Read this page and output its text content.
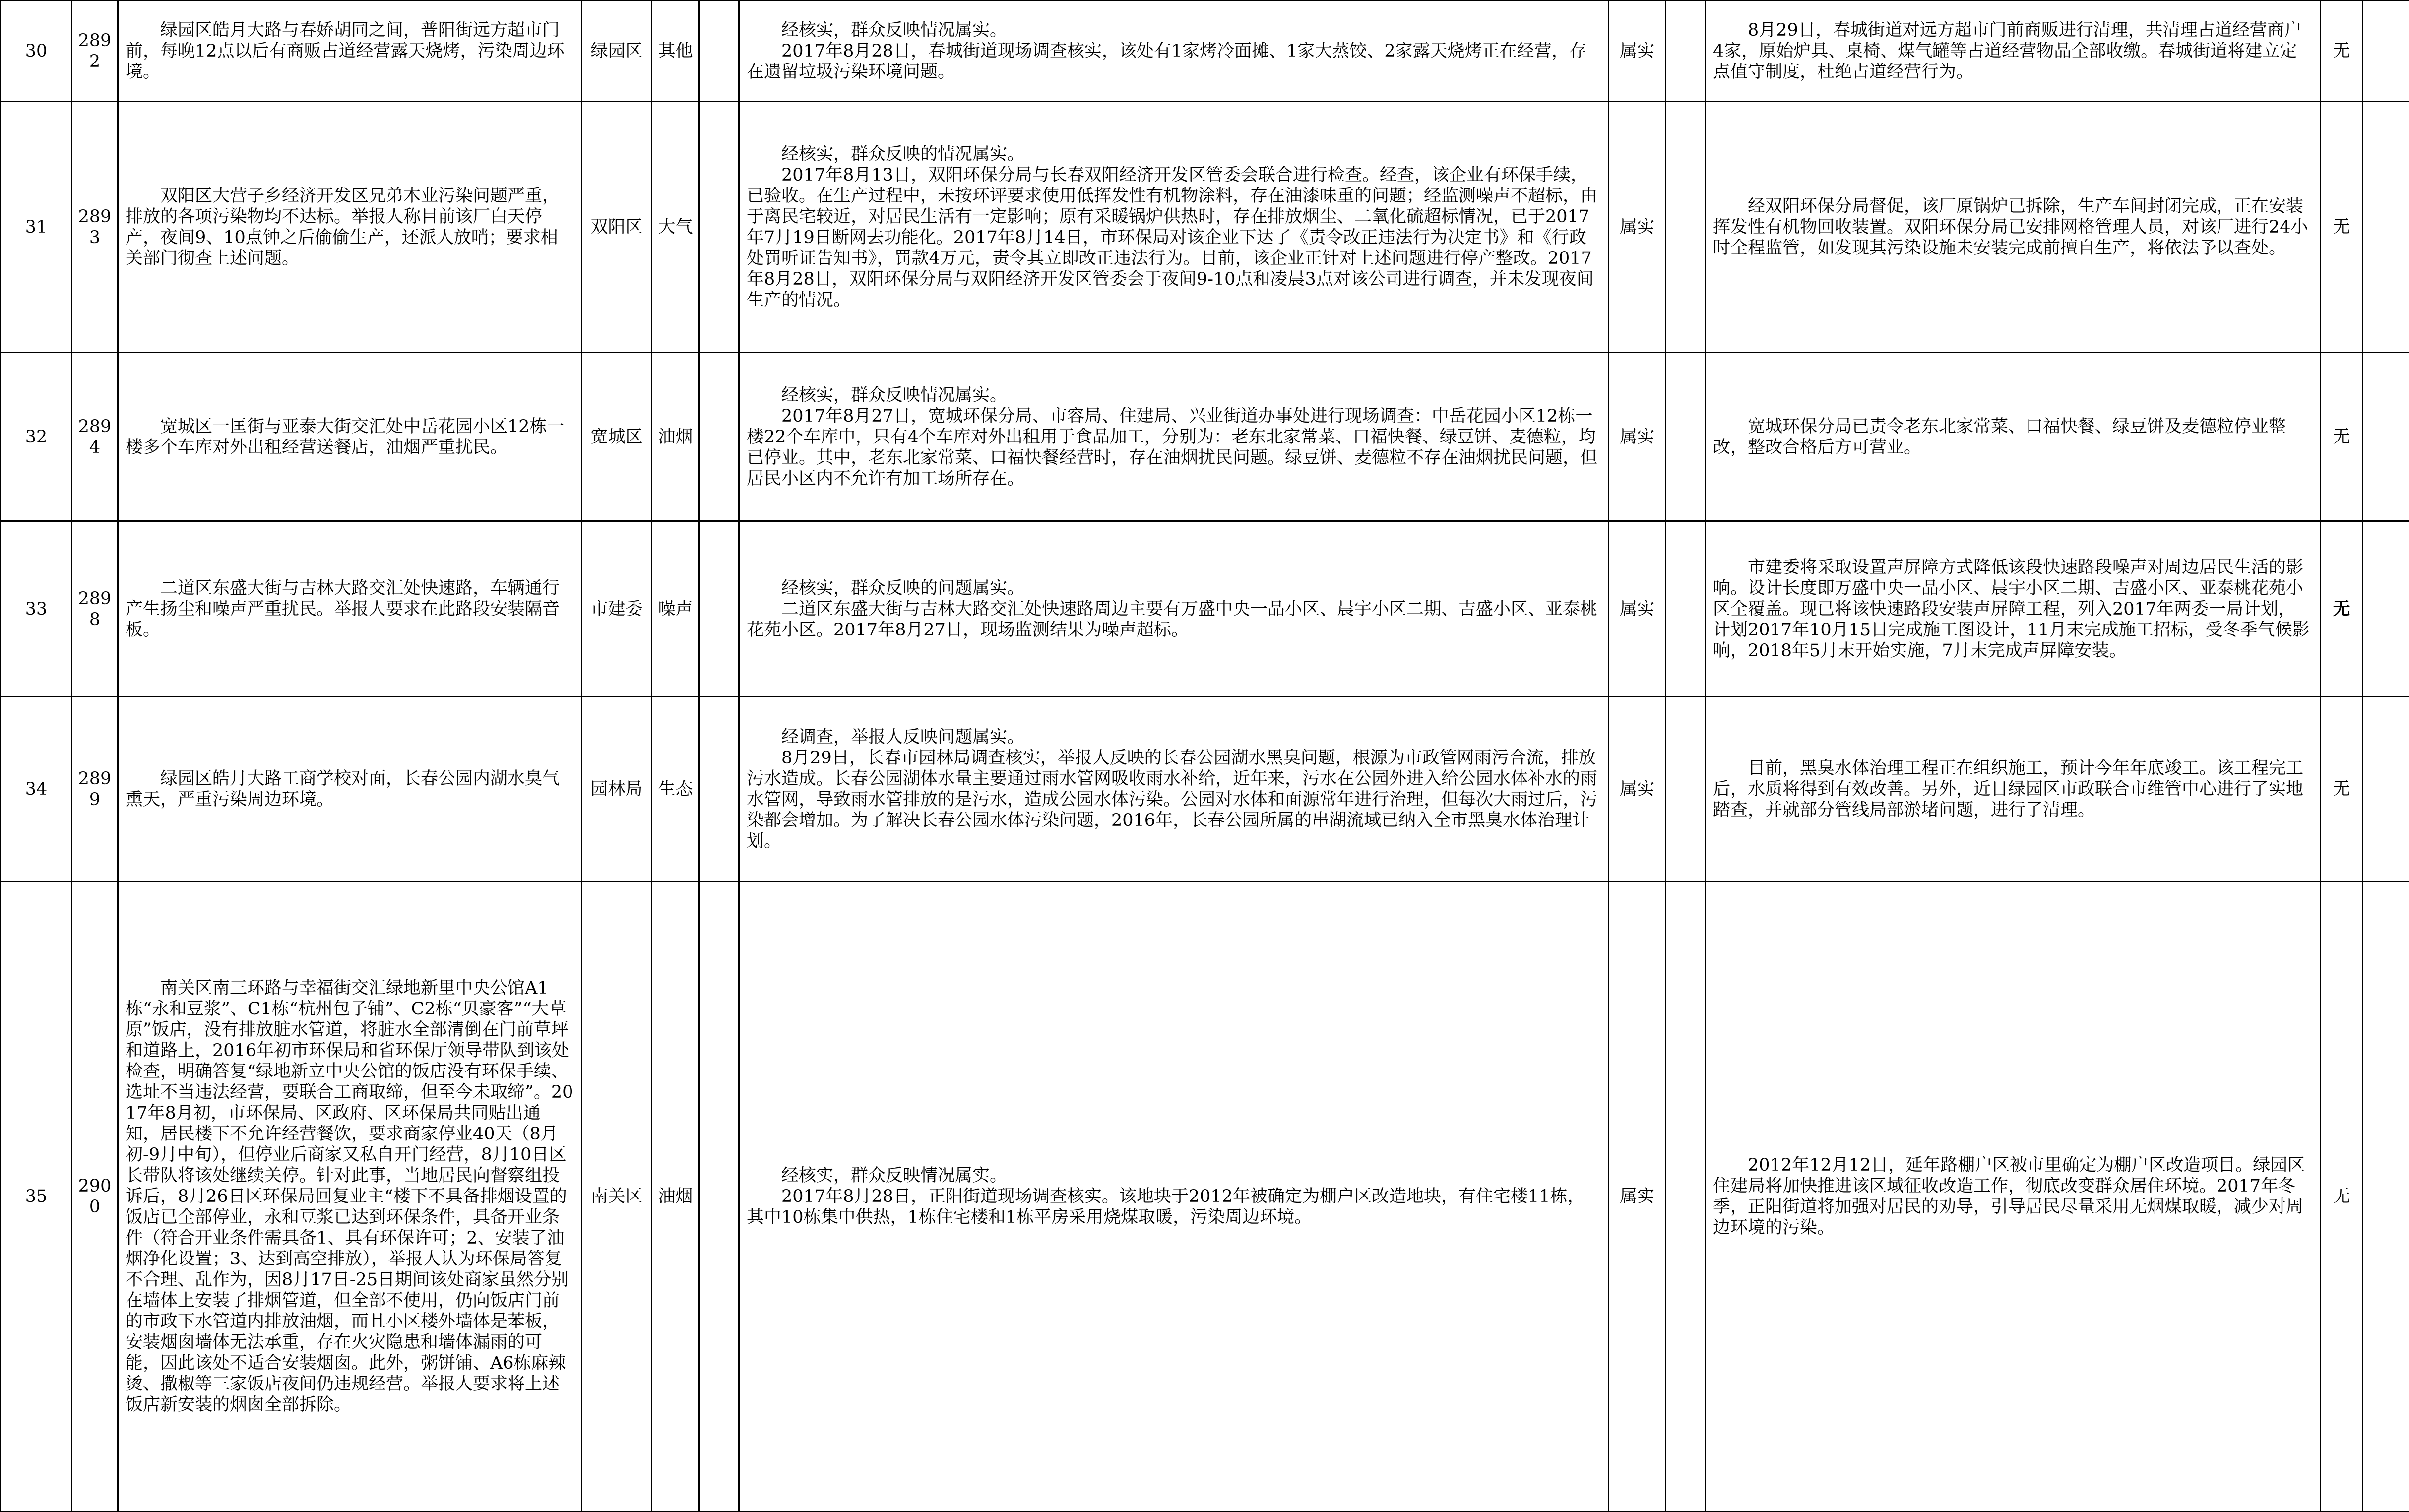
30	2892	绿园区皓月大路与春娇胡同之间，普阳街远方超市门前，每晚12点以后有商贩占道经营露天烧烤，污染周边环境。	绿园区	其他		经核实，群众反映情况属实。
2017年8月28日，春城街道现场调查核实，该处有1家烤冷面摊、1家大蒸饺、2家露天烧烤正在经营，存在遗留垃圾污染环境问题。	属实		8月29日，春城街道对远方超市门前商贩进行清理，共清理占道经营商户4家，原始炉具、桌椅、煤气罐等占道经营物品全部收缴。春城街道将建立定点值守制度，杜绝占道经营行为。	无			
31	2893	双阳区大营子乡经济开发区兄弟木业污染问题严重，排放的各项污染物均不达标。举报人称目前该厂白天停产，夜间9、10点钟之后偷偷生产，还派人放哨；要求相关部门彻查上述问题。	双阳区	大气		经核实，群众反映的情况属实。
2017年8月13日，双阳环保分局与长春双阳经济开发区管委会联合进行检查。经查，该企业有环保手续，已验收。在生产过程中，未按环评要求使用低挥发性有机物涂料，存在油漆味重的问题；经监测噪声不超标，由于离民宅较近，对居民生活有一定影响；原有采暖锅炉供热时，存在排放烟尘、二氧化硫超标情况，已于2017年7月19日断网去功能化。2017年8月14日，市环保局对该企业下达了《责令改正违法行为决定书》和《行政处罚听证告知书》，罚款4万元，责令其立即改正违法行为。目前，该企业正针对上述问题进行停产整改。2017年8月28日，双阳环保分局与双阳经济开发区管委会于夜间9-10点和凌晨3点对该公司进行调查，并未发现夜间生产的情况。	属实		经双阳环保分局督促，该厂原锅炉已拆除，生产车间封闭完成，正在安装挥发性有机物回收装置。双阳环保分局已安排网格管理人员，对该厂进行24小时全程监管，如发现其污染设施未安装完成前擅自生产，将依法予以查处。	无			
32	2894	宽城区一匡街与亚泰大街交汇处中岳花园小区12栋一楼多个车库对外出租经营送餐店，油烟严重扰民。	宽城区	油烟		经核实，群众反映情况属实。
2017年8月27日，宽城环保分局、市容局、住建局、兴业街道办事处进行现场调查：中岳花园小区12栋一楼22个车库中，只有4个车库对外出租用于食品加工，分别为：老东北家常菜、口福快餐、绿豆饼、麦德粒，均已停业。其中，老东北家常菜、口福快餐经营时，存在油烟扰民问题。绿豆饼、麦德粒不存在油烟扰民问题，但居民小区内不允许有加工场所存在。	属实		宽城环保分局已责令老东北家常菜、口福快餐、绿豆饼及麦德粒停业整改，整改合格后方可营业。	无			
33	2898	二道区东盛大街与吉林大路交汇处快速路，车辆通行产生扬尘和噪声严重扰民。举报人要求在此路段安装隔音板。	市建委	噪声		经核实，群众反映的问题属实。
二道区东盛大街与吉林大路交汇处快速路周边主要有万盛中央一品小区、晨宇小区二期、吉盛小区、亚泰桃花苑小区。2017年8月27日，现场监测结果为噪声超标。	属实		市建委将采取设置声屏障方式降低该段快速路段噪声对周边居民生活的影响。设计长度即万盛中央一品小区、晨宇小区二期、吉盛小区、亚泰桃花苑小区全覆盖。现已将该快速路段安装声屏障工程，列入2017年两委一局计划，计划2017年10月15日完成施工图设计，11月末完成施工招标，受冬季气候影响，2018年5月末开始实施，7月末完成声屏障安装。	无			
34	2899	绿园区皓月大路工商学校对面，长春公园内湖水臭气熏天，严重污染周边环境。	园林局	生态		经调查，举报人反映问题属实。
8月29日，长春市园林局调查核实，举报人反映的长春公园湖水黑臭问题，根源为市政管网雨污合流，排放污水造成。长春公园湖体水量主要通过雨水管网吸收雨水补给，近年来，污水在公园外进入给公园水体补水的雨水管网，导致雨水管排放的是污水，造成公园水体污染。公园对水体和面源常年进行治理，但每次大雨过后，污染都会增加。为了解决长春公园水体污染问题，2016年，长春公园所属的串湖流域已纳入全市黑臭水体治理计划。	属实		目前，黑臭水体治理工程正在组织施工，预计今年年底竣工。该工程完工后，水质将得到有效改善。另外，近日绿园区市政联合市维管中心进行了实地踏查，并就部分管线局部淤堵问题，进行了清理。	无			
35	2900	南关区南三环路与幸福街交汇绿地新里中央公馆A1栋“永和豆浆”、C1栋“杭州包子铺”、C2栋“贝豪客”“大草原”饭店，没有排放脏水管道，将脏水全部清倒在门前草坪和道路上，2016年初市环保局和省环保厅领导带队到该处检查，明确答复“绿地新立中央公馆的饭店没有环保手续、选址不当违法经营，要联合工商取缔，但至今未取缔”。2017年8月初，市环保局、区政府、区环保局共同贴出通知，居民楼下不允许经营餐饮，要求商家停业40天（8月初-9月中旬），但停业后商家又私自开门经营，8月10日区长带队将该处继续关停。针对此事，当地居民向督察组投诉后，8月26日区环保局回复业主“楼下不具备排烟设置的饭店已全部停业，永和豆浆已达到环保条件，具备开业条件（符合开业条件需具备1、具有环保许可；2、安装了油烟净化设置；3、达到高空排放），举报人认为环保局答复不合理、乱作为，因8月17日-25日期间该处商家虽然分别在墙体上安装了排烟管道，但全部不使用，仍向饭店门前的市政下水管道内排放油烟，而且小区楼外墙体是苯板，安装烟囱墙体无法承重，存在火灾隐患和墙体漏雨的可能，因此该处不适合安装烟囱。此外，粥饼铺、A6栋麻辣烫、撒椒等三家饭店夜间仍违规经营。举报人要求将上述饭店新安装的烟囱全部拆除。	南关区	油烟		经核实，群众反映情况属实。
2017年8月28日，正阳街道现场调查核实。该地块于2012年被确定为棚户区改造地块，有住宅楼11栋，其中10栋集中供热，1栋住宅楼和1栋平房采用烧煤取暖，污染周边环境。	属实		2012年12月12日，延年路棚户区被市里确定为棚户区改造项目。绿园区住建局将加快推进该区域征收改造工作，彻底改变群众居住环境。2017年冬季，正阳街道将加强对居民的劝导，引导居民尽量采用无烟煤取暖，减少对周边环境的污染。	无			
